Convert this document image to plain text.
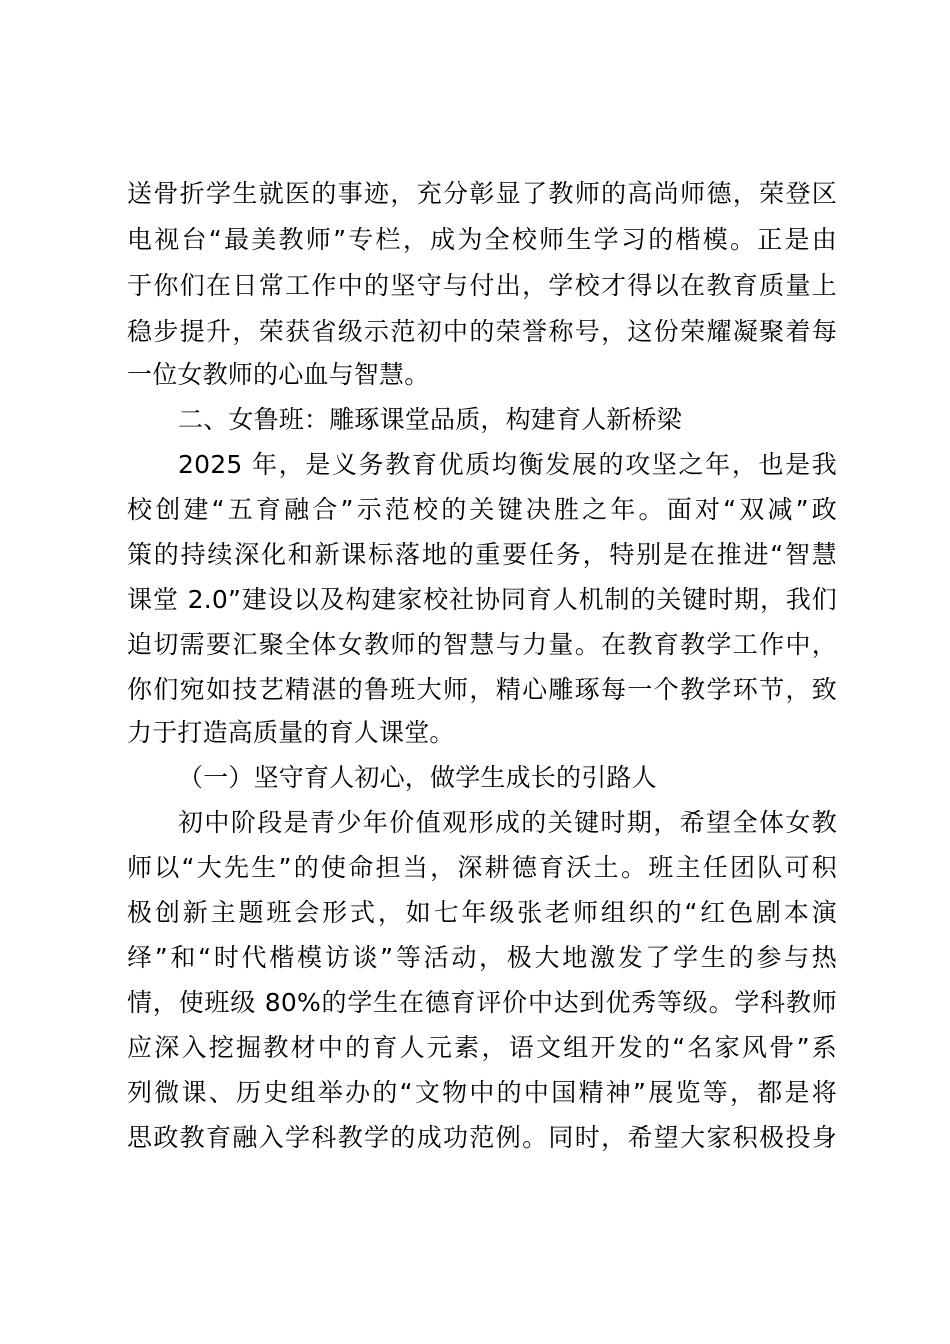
送骨折学生就医的事迹，充分彰显了教师的高尚师德，荣登区
电视台“最美教师”专栏，成为全校师生学习的楷模。正是由
于你们在日常工作中的坚守与付出，学校才得以在教育质量上
稳步提升，荣获省级示范初中的荣誉称号，这份荣耀凝聚着每
一位女教师的心血与智慧。
二、女鲁班：雕琢课堂品质，构建育人新桥梁
2025 年，是义务教育优质均衡发展的攻坚之年，也是我
校创建“五育融合”示范校的关键决胜之年。面对“双减”政
策的持续深化和新课标落地的重要任务，特别是在推进“智慧
课堂 2.0”建设以及构建家校社协同育人机制的关键时期，我们
迫切需要汇聚全体女教师的智慧与力量。在教育教学工作中，
你们宛如技艺精湛的鲁班大师，精心雕琢每一个教学环节，致
力于打造高质量的育人课堂。
（一）坚守育人初心，做学生成长的引路人
初中阶段是青少年价值观形成的关键时期，希望全体女教
师以“大先生”的使命担当，深耕德育沃土。班主任团队可积
极创新主题班会形式，如七年级张老师组织的“红色剧本演
绎”和“时代楷模访谈”等活动，极大地激发了学生的参与热
情，使班级 80%的学生在德育评价中达到优秀等级。学科教师
应深入挖掘教材中的育人元素，语文组开发的“名家风骨”系
列微课、历史组举办的“文物中的中国精神”展览等，都是将
思政教育融入学科教学的成功范例。同时，希望大家积极投身
